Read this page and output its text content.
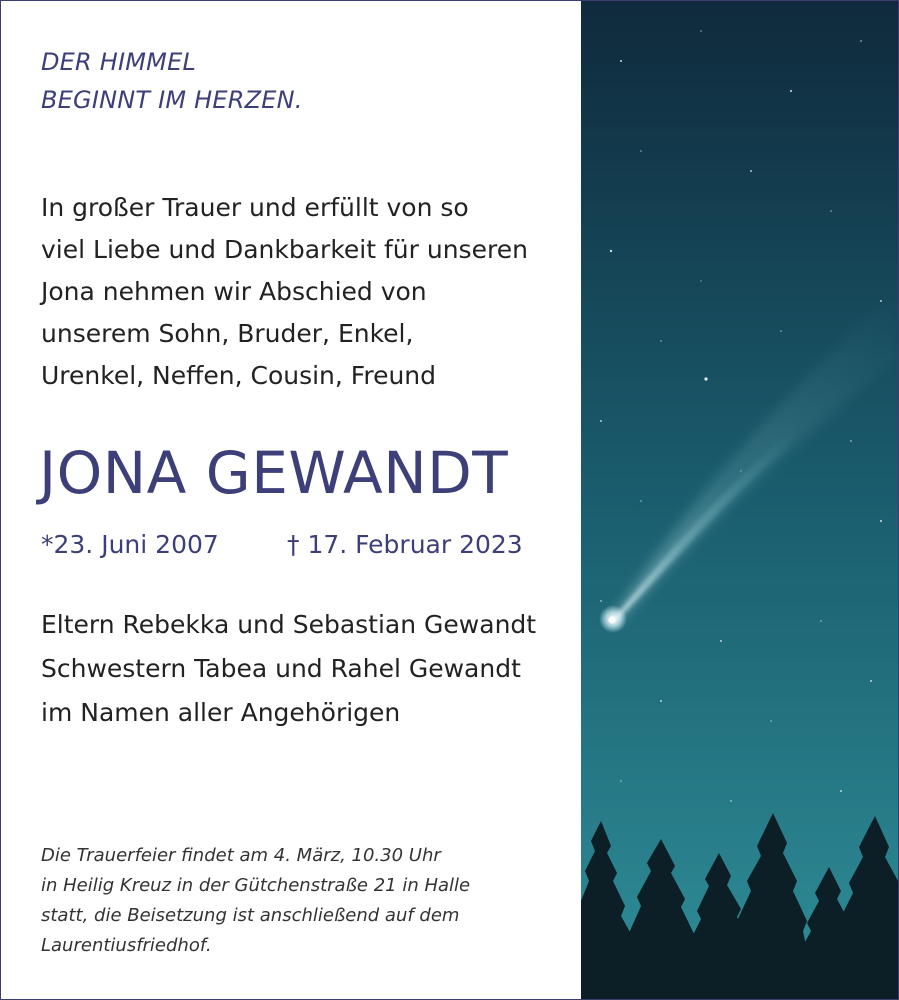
DER HIMMEL
BEGINNT IM HERZEN.

In großer Trauer und erfüllt von so
viel Liebe und Dankbarkeit für unseren
Jona nehmen wir Abschied von
unserem Sohn, Bruder, Enkel,
Urenkel, Neffen, Cousin, Freund

JONA GEWANDT
*23. Juni 2007	† 17. Februar 2023

Eltern Rebekka und Sebastian Gewandt
Schwestern Tabea und Rahel Gewandt
im Namen aller Angehörigen

Die Trauerfeier findet am 4. März, 10.30 Uhr
in Heilig Kreuz in der Gütchenstraße 21 in Halle
statt, die Beisetzung ist anschließend auf dem
Laurentiusfriedhof.
